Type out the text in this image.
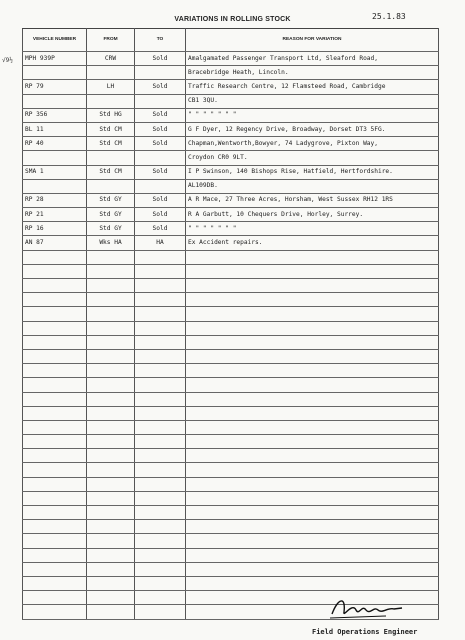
VARIATIONS IN ROLLING STOCK	25.1.83
√9½
VEHICLE NUMBER	FROM	TO	REASON FOR VARIATION
MPH 939P	CRW	Sold	Amalgamated Passenger Transport Ltd, Sleaford Road,
			Bracebridge Heath, Lincoln.
RP 79	LH	Sold	Traffic Research Centre, 12 Flamsteed Road, Cambridge
			CB1 3QU.
RP 356	Std HG	Sold	" " " " " " "
BL 11	Std CM	Sold	G F Dyer, 12 Regency Drive, Broadway, Dorset DT3 5FG.
RP 40	Std CM	Sold	Chapman,Wentworth,Bowyer, 74 Ladygrove, Pixton Way,
			Croydon CR0 9LT.
SMA 1	Std CM	Sold	I P Swinson, 140 Bishops Rise, Hatfield, Hertfordshire.
			AL109DB.
RP 28	Std GY	Sold	A R Mace, 27 Three Acres, Horsham, West Sussex RH12 1RS
RP 21	Std GY	Sold	R A Garbutt, 10 Chequers Drive, Horley, Surrey.
RP 16	Std GY	Sold	" " " " " " "
AN 87	Wks HA	HA	Ex Accident repairs.

Field Operations Engineer
